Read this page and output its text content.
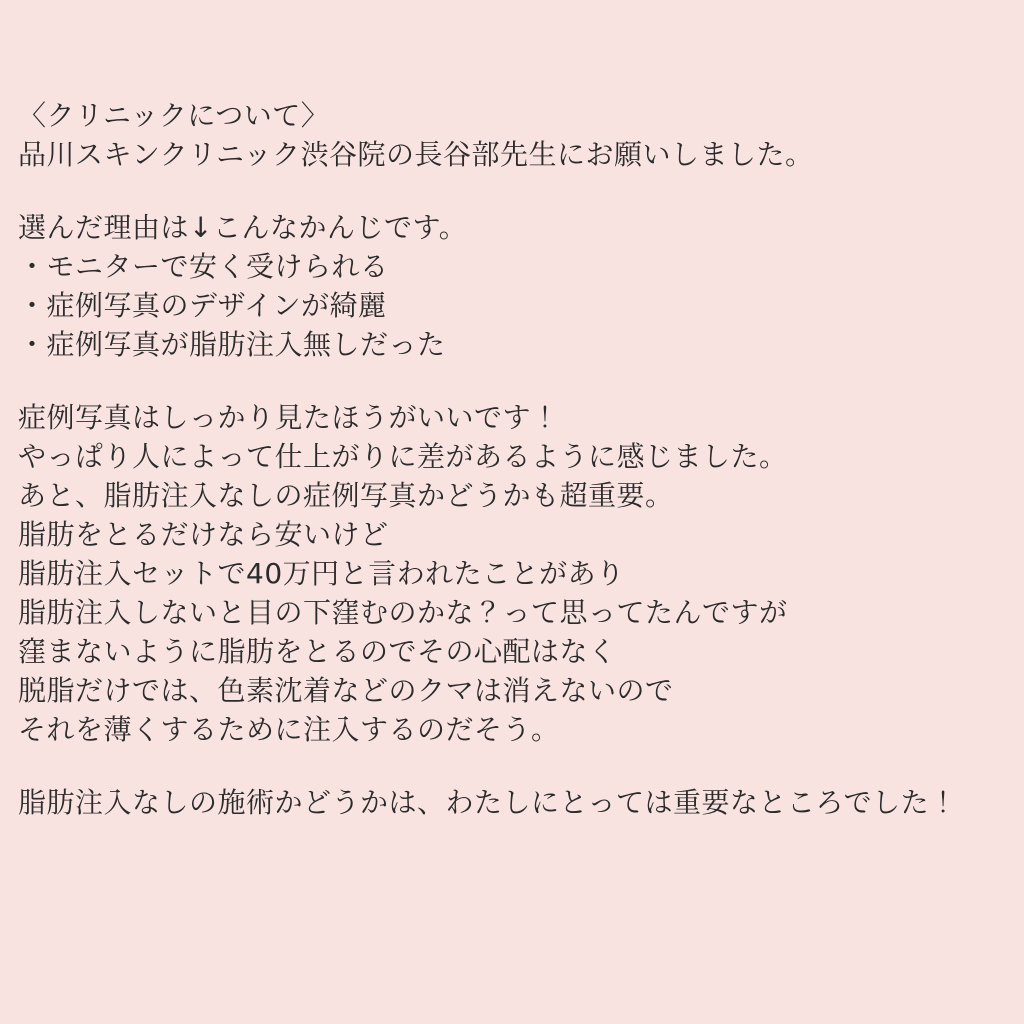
〈クリニックについて〉
品川スキンクリニック渋谷院の長谷部先生にお願いしました。
選んだ理由は↓こんなかんじです。
・モニターで安く受けられる
・症例写真のデザインが綺麗
・症例写真が脂肪注入無しだった
症例写真はしっかり見たほうがいいです！
やっぱり人によって仕上がりに差があるように感じました。
あと、脂肪注入なしの症例写真かどうかも超重要。
脂肪をとるだけなら安いけど
脂肪注入セットで40万円と言われたことがあり
脂肪注入しないと目の下窪むのかな？って思ってたんですが
窪まないように脂肪をとるのでその心配はなく
脱脂だけでは、色素沈着などのクマは消えないので
それを薄くするために注入するのだそう。
脂肪注入なしの施術かどうかは、わたしにとっては重要なところでした！
